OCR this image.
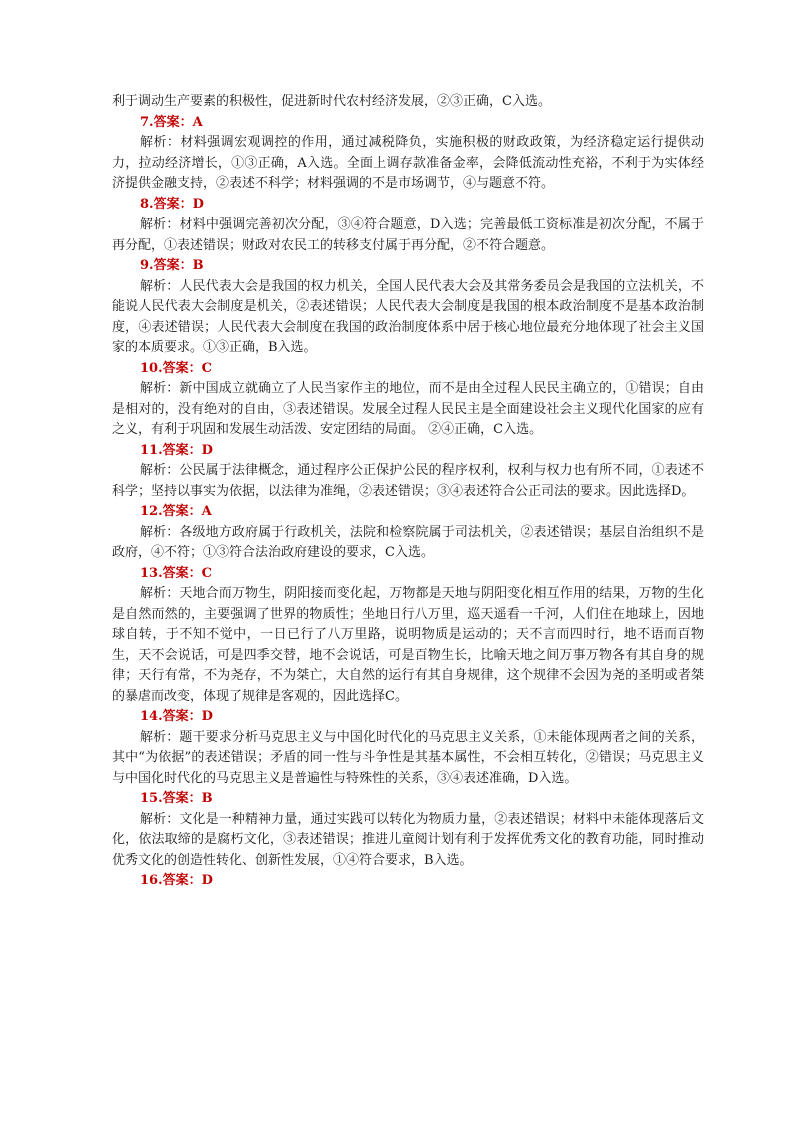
利于调动生产要素的积极性，促进新时代农村经济发展，②③正确，C入选。

7.答案：A

解析：材料强调宏观调控的作用，通过减税降负，实施积极的财政政策，为经济稳定运行提供动力，拉动经济增长，①③正确，A入选。全面上调存款准备金率，会降低流动性充裕，不利于为实体经济提供金融支持，②表述不科学；材料强调的不是市场调节，④与题意不符。

8.答案：D

解析：材料中强调完善初次分配，③④符合题意，D入选；完善最低工资标准是初次分配，不属于再分配，①表述错误；财政对农民工的转移支付属于再分配，②不符合题意。

9.答案：B

解析：人民代表大会是我国的权力机关，全国人民代表大会及其常务委员会是我国的立法机关，不能说人民代表大会制度是机关，②表述错误；人民代表大会制度是我国的根本政治制度不是基本政治制度，④表述错误；人民代表大会制度在我国的政治制度体系中居于核心地位最充分地体现了社会主义国家的本质要求。①③正确，B入选。

10.答案：C

解析：新中国成立就确立了人民当家作主的地位，而不是由全过程人民民主确立的，①错误；自由是相对的，没有绝对的自由，③表述错误。发展全过程人民民主是全面建设社会主义现代化国家的应有之义，有利于巩固和发展生动活泼、安定团结的局面。 ②④正确，C入选。

11.答案：D

解析：公民属于法律概念，通过程序公正保护公民的程序权利，权利与权力也有所不同，①表述不科学；坚持以事实为依据，以法律为准绳，②表述错误；③④表述符合公正司法的要求。因此选择D。

12.答案：A

解析：各级地方政府属于行政机关，法院和检察院属于司法机关，②表述错误；基层自治组织不是政府，④不符；①③符合法治政府建设的要求，C入选。

13.答案：C

解析：天地合而万物生，阴阳接而变化起，万物都是天地与阴阳变化相互作用的结果，万物的生化是自然而然的，主要强调了世界的物质性；坐地日行八万里，巡天遥看一千河，人们住在地球上，因地球自转，于不知不觉中，一日已行了八万里路，说明物质是运动的；天不言而四时行，地不语而百物生，天不会说话，可是四季交替，地不会说话，可是百物生长，比喻天地之间万事万物各有其自身的规律；天行有常，不为尧存，不为桀亡，大自然的运行有其自身规律，这个规律不会因为尧的圣明或者桀的暴虐而改变，体现了规律是客观的，因此选择C。

14.答案：D

解析：题干要求分析马克思主义与中国化时代化的马克思主义关系，①未能体现两者之间的关系，其中“为依据”的表述错误；矛盾的同一性与斗争性是其基本属性，不会相互转化，②错误；马克思主义与中国化时代化的马克思主义是普遍性与特殊性的关系，③④表述准确，D入选。

15.答案：B

解析：文化是一种精神力量，通过实践可以转化为物质力量，②表述错误；材料中未能体现落后文化，依法取缔的是腐朽文化，③表述错误；推进儿童阅计划有利于发挥优秀文化的教育功能，同时推动优秀文化的创造性转化、创新性发展，①④符合要求，B入选。

16.答案：D
